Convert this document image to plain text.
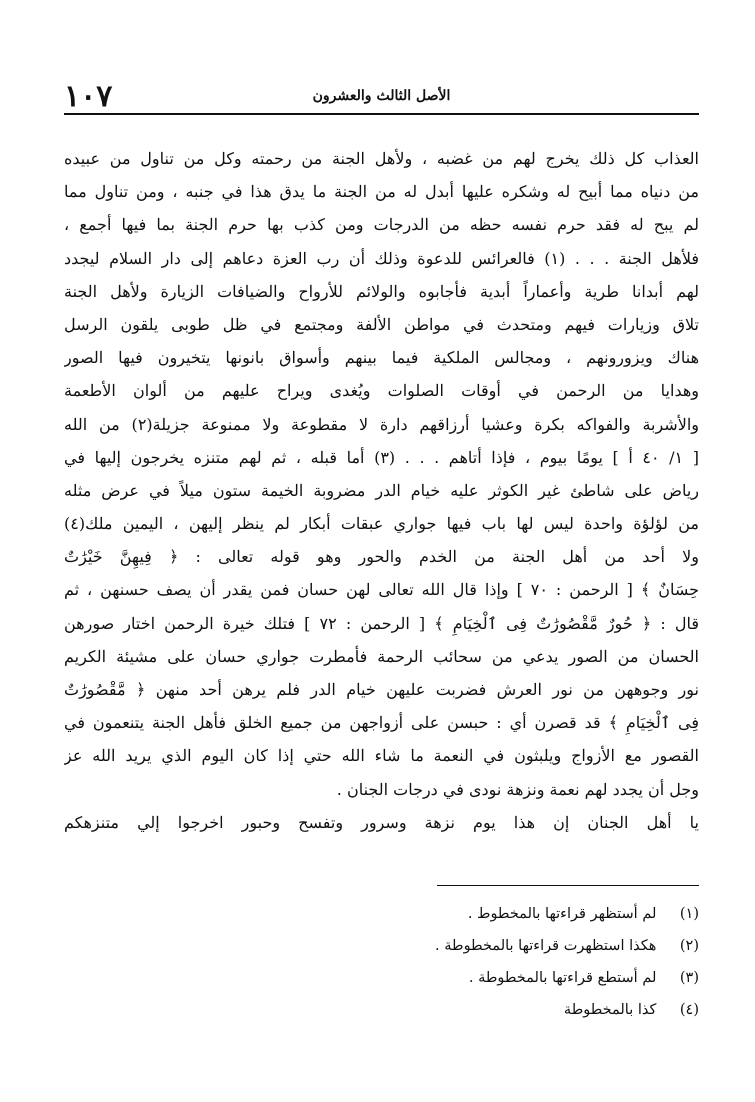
١٠٧	الأصل الثالث والعشرون
العذاب كل ذلك يخرج لهم من غضبه ، ولأهل الجنة من رحمته وكل من تناول من عبيده
من دنياه مما أبيح له وشكره عليها أبدل له من الجنة ما يدق هذا في جنبه ، ومن تناول مما
لم يبح له فقد حرم نفسه حظه من الدرجات ومن كذب بها حرم الجنة بما فيها أجمع ،
فلأهل الجنة . . . (١) فالعرائس للدعوة وذلك أن رب العزة دعاهم إلى دار السلام ليجدد
لهم أبدانا طرية وأعماراً أبدية فأجابوه والولائم للأرواح والضيافات الزيارة ولأهل الجنة
تلاق وزيارات فيهم ومتحدث في مواطن الألفة ومجتمع في ظل طوبى يلقون الرسل
هناك ويزورونهم ، ومجالس الملكية فيما بينهم وأسواق بانونها يتخيرون فيها الصور
وهدايا من الرحمن في أوقات الصلوات ويُغدى ويراح عليهم من ألوان الأطعمة
والأشربة والفواكه بكرة وعشيا أرزاقهم دارة لا مقطوعة ولا ممنوعة جزيلة(٢) من الله
[ ١/ ٤٠ أ ] يومًا بيوم ، فإذا أتاهم . . . (٣) أما قبله ، ثم لهم متنزه يخرجون إليها في
رياض على شاطئ غير الكوثر عليه خيام الدر مضروبة الخيمة ستون ميلاً في عرض مثله
من لؤلؤة واحدة ليس لها باب فيها جواري عبقات أبكار لم ينظر إليهن ، اليمين ملك(٤)
ولا أحد من أهل الجنة من الخدم والحور وهو قوله تعالى : ﴿ فِيهِنَّ خَيْرَٰتٌ
حِسَانٌ ﴾ [ الرحمن : ٧٠ ] وإذا قال الله تعالى لهن حسان فمن يقدر أن يصف حسنهن ، ثم
قال : ﴿ حُورٌ مَّقْصُورَٰتٌ فِى ٱلْخِيَامِ ﴾ [ الرحمن : ٧٢ ] فتلك خيرة الرحمن اختار صورهن
الحسان من الصور يدعي من سحائب الرحمة فأمطرت جواري حسان على مشيئة الكريم
نور وجوههن من نور العرش فضربت عليهن خيام الدر فلم يرهن أحد منهن ﴿ مَّقْصُورَٰتٌ
فِى ٱلْخِيَامِ ﴾ قد قصرن أي : حبسن على أزواجهن من جميع الخلق فأهل الجنة يتنعمون في
القصور مع الأزواج ويلبثون في النعمة ما شاء الله حتي إذا كان اليوم الذي يريد الله عز
وجل أن يجدد لهم نعمة ونزهة نودى في درجات الجنان .
يا أهل الجنان إن هذا يوم نزهة وسرور وتفسح وحبور اخرجوا إلي متنزهكم
(١) لم أستظهر قراءتها بالمخطوط .
(٢) هكذا استظهرت قراءتها بالمخطوطة .
(٣) لم أستطع قراءتها بالمخطوطة .
(٤) كذا بالمخطوطة
